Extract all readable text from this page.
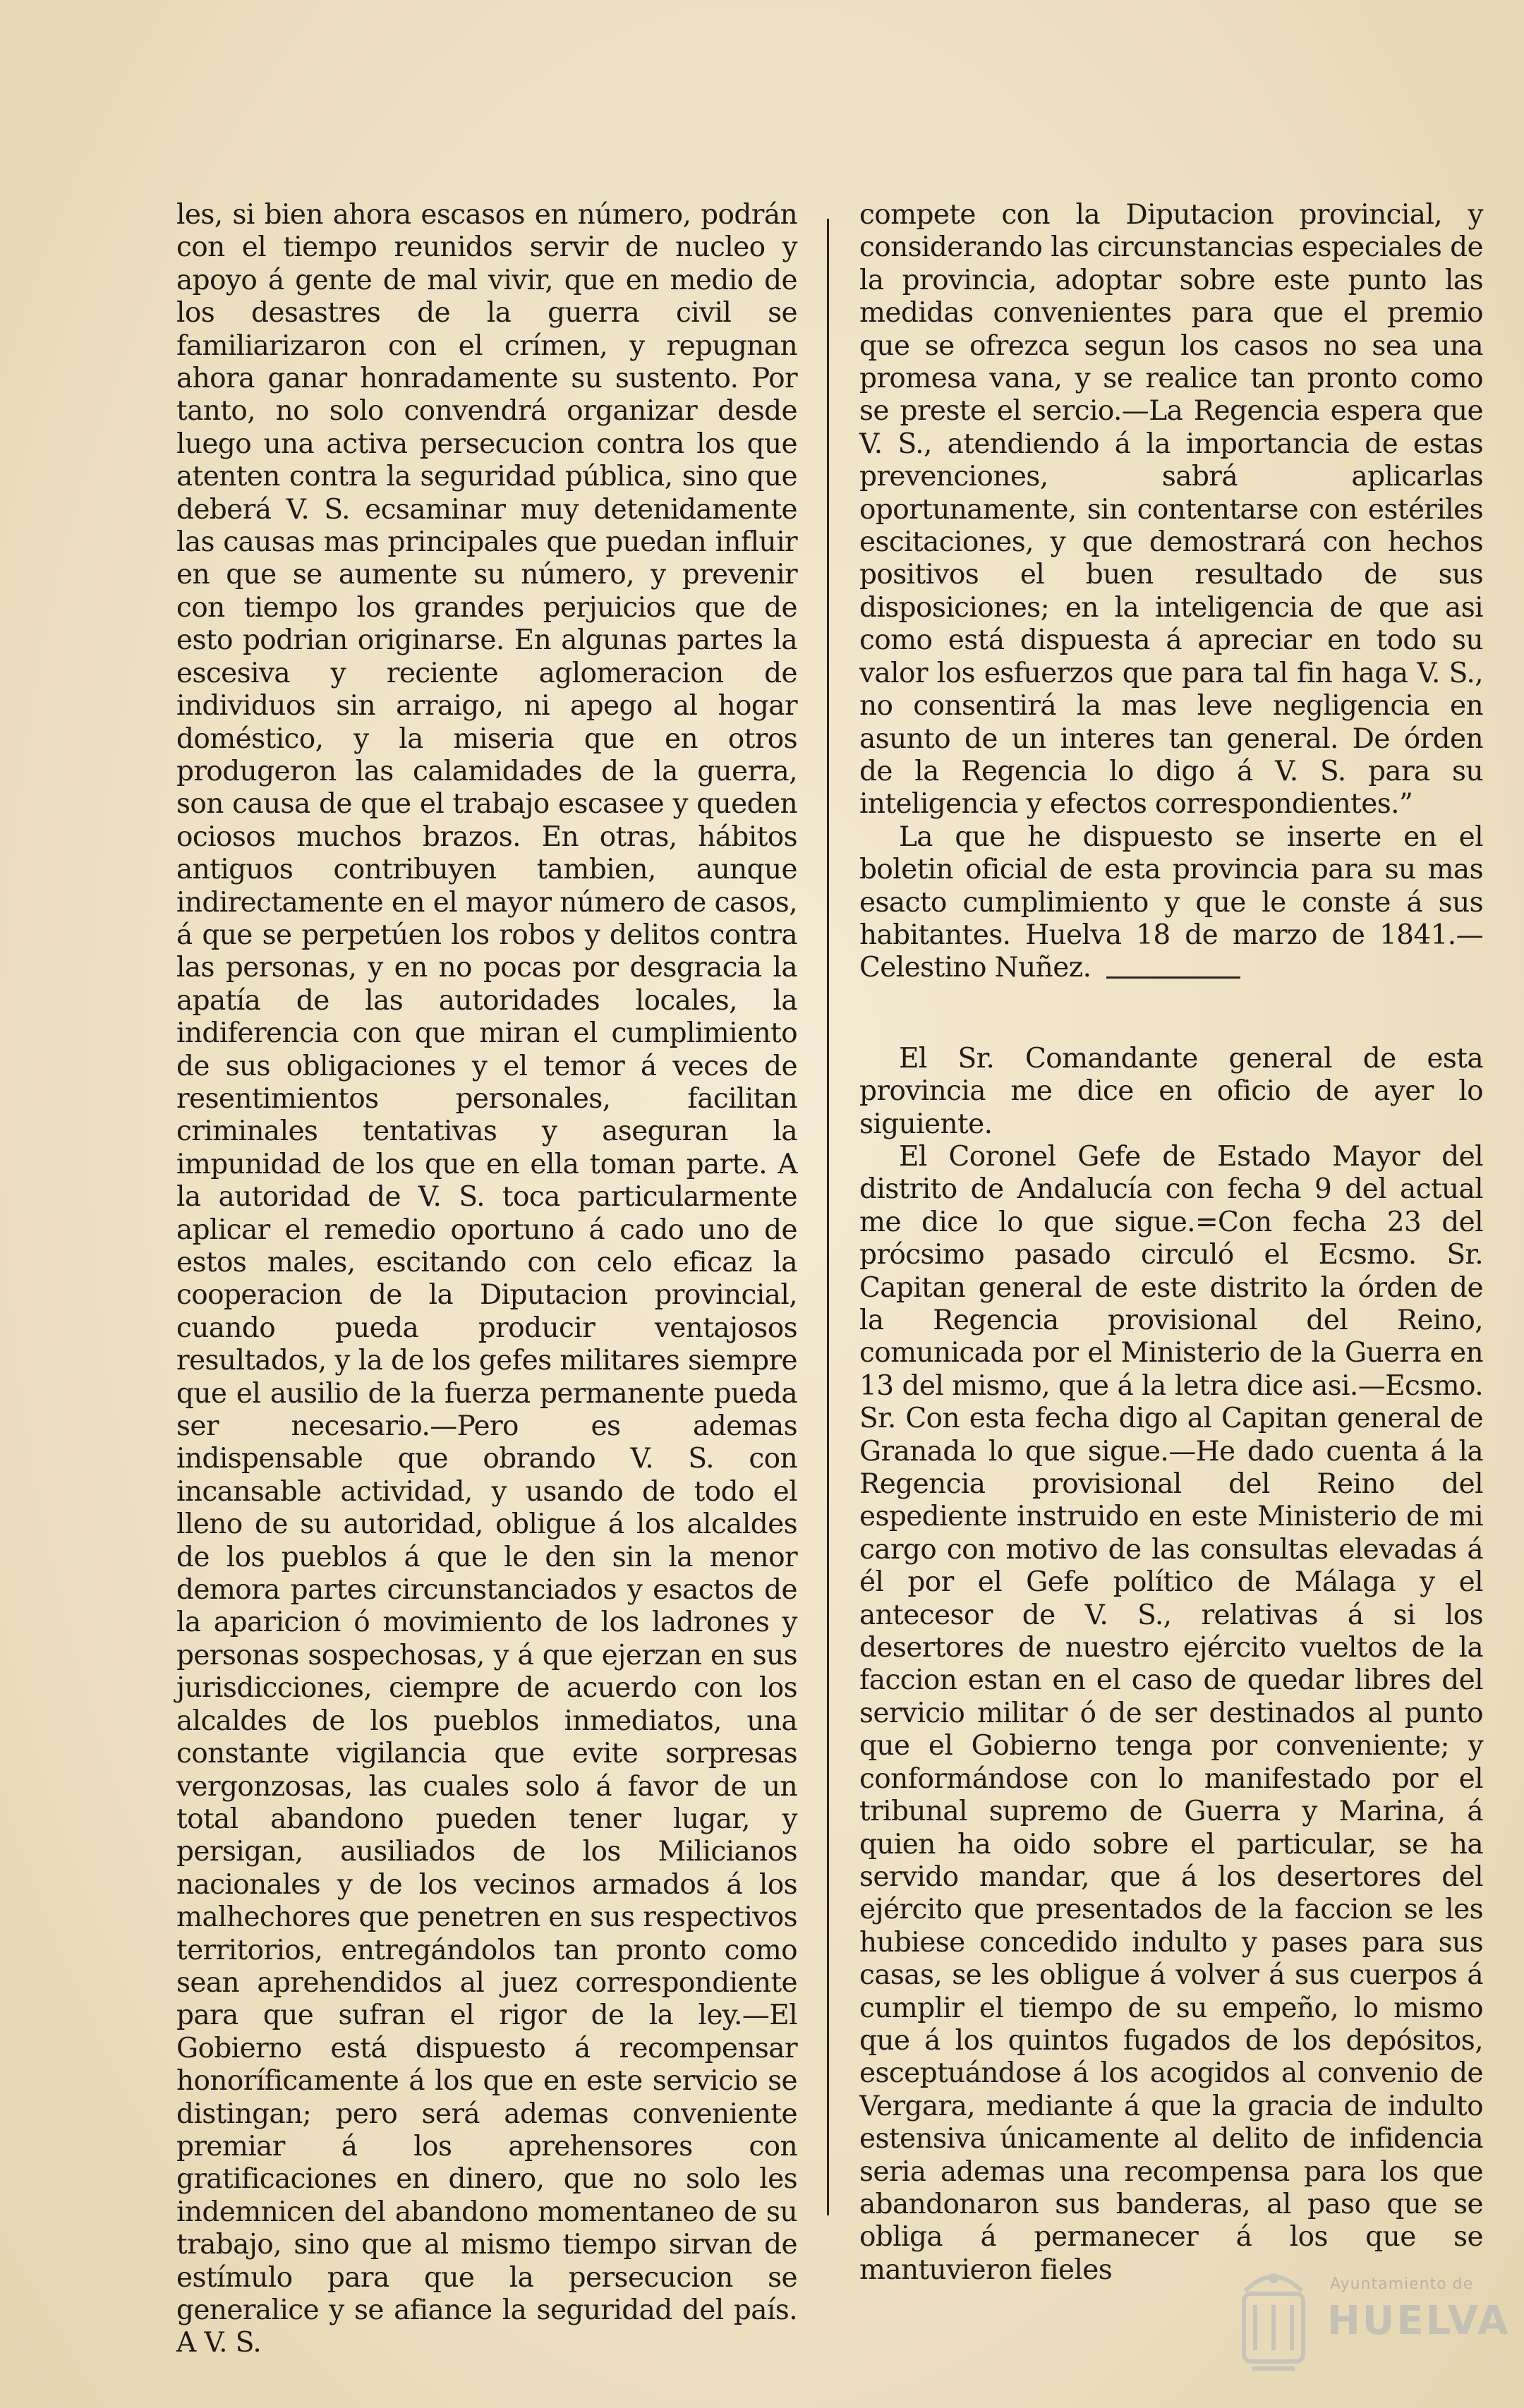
les, si bien ahora escasos en número, podrán con el tiempo reunidos servir de nucleo y apoyo á gente de mal vivir, que en medio de los desastres de la guerra civil se familiarizaron con el crímen, y repugnan ahora ganar honradamente su sustento. Por tanto, no solo convendrá organizar desde luego una activa persecucion contra los que atenten contra la seguridad pública, sino que deberá V. S. ecsaminar muy detenidamente las causas mas principales que puedan influir en que se aumente su número, y prevenir con tiempo los grandes perjuicios que de esto podrian originarse. En algunas partes la escesiva y reciente aglomeracion de individuos sin arraigo, ni apego al hogar doméstico, y la miseria que en otros produgeron las calamidades de la guerra, son causa de que el trabajo escasee y queden ociosos muchos brazos. En otras, hábitos antiguos contribuyen tambien, aunque indirectamente en el mayor número de casos, á que se perpetúen los robos y delitos contra las personas, y en no pocas por desgracia la apatía de las autoridades locales, la indiferencia con que miran el cumplimiento de sus obligaciones y el temor á veces de resentimientos personales, facilitan criminales tentativas y aseguran la impunidad de los que en ella toman parte. A la autoridad de V. S. toca particularmente aplicar el remedio oportuno á cado uno de estos males, escitando con celo eficaz la cooperacion de la Diputacion provincial, cuando pueda producir ventajosos resultados, y la de los gefes militares siempre que el ausilio de la fuerza permanente pueda ser necesario.—Pero es ademas indispensable que obrando V. S. con incansable actividad, y usando de todo el lleno de su autoridad, obligue á los alcaldes de los pueblos á que le den sin la menor demora partes circunstanciados y esactos de la aparicion ó movimiento de los ladrones y personas sospechosas, y á que ejerzan en sus jurisdicciones, ciempre de acuerdo con los alcaldes de los pueblos inmediatos, una constante vigilancia que evite sorpresas vergonzosas, las cuales solo á favor de un total abandono pueden tener lugar, y persigan, ausiliados de los Milicianos nacionales y de los vecinos armados á los malhechores que penetren en sus respectivos territorios, entregándolos tan pronto como sean aprehendidos al juez correspondiente para que sufran el rigor de la ley.—El Gobierno está dispuesto á recompensar honoríficamente á los que en este servicio se distingan; pero será ademas conveniente premiar á los aprehensores con gratificaciones en dinero, que no solo les indemnicen del abandono momentaneo de su trabajo, sino que al mismo tiempo sirvan de estímulo para que la persecucion se generalice y se afiance la seguridad del país. A V. S.

compete con la Diputacion provincial, y considerando las circunstancias especiales de la provincia, adoptar sobre este punto las medidas convenientes para que el premio que se ofrezca segun los casos no sea una promesa vana, y se realice tan pronto como se preste el sercio.—La Regencia espera que V. S., atendiendo á la importancia de estas prevenciones, sabrá aplicarlas oportunamente, sin contentarse con estériles escitaciones, y que demostrará con hechos positivos el buen resultado de sus disposiciones; en la inteligencia de que asi como está dispuesta á apreciar en todo su valor los esfuerzos que para tal fin haga V. S., no consentirá la mas leve negligencia en asunto de un interes tan general. De órden de la Regencia lo digo á V. S. para su inteligencia y efectos correspondientes.”

La que he dispuesto se inserte en el boletin oficial de esta provincia para su mas esacto cumplimiento y que le conste á sus habitantes. Huelva 18 de marzo de 1841.—Celestino Nuñez.

El Sr. Comandante general de esta provincia me dice en oficio de ayer lo siguiente.

El Coronel Gefe de Estado Mayor del distrito de Andalucía con fecha 9 del actual me dice lo que sigue.=Con fecha 23 del prócsimo pasado circuló el Ecsmo. Sr. Capitan general de este distrito la órden de la Regencia provisional del Reino, comunicada por el Ministerio de la Guerra en 13 del mismo, que á la letra dice asi.—Ecsmo. Sr. Con esta fecha digo al Capitan general de Granada lo que sigue.—He dado cuenta á la Regencia provisional del Reino del espediente instruido en este Ministerio de mi cargo con motivo de las consultas elevadas á él por el Gefe político de Málaga y el antecesor de V. S., relativas á si los desertores de nuestro ejército vueltos de la faccion estan en el caso de quedar libres del servicio militar ó de ser destinados al punto que el Gobierno tenga por conveniente; y conformándose con lo manifestado por el tribunal supremo de Guerra y Marina, á quien ha oido sobre el particular, se ha servido mandar, que á los desertores del ejército que presentados de la faccion se les hubiese concedido indulto y pases para sus casas, se les obligue á volver á sus cuerpos á cumplir el tiempo de su empeño, lo mismo que á los quintos fugados de los depósitos, esceptuándose á los acogidos al convenio de Vergara, mediante á que la gracia de indulto estensiva únicamente al delito de infidencia seria ademas una recompensa para los que abandonaron sus banderas, al paso que se obliga á permanecer á los que se mantuvieron fieles	Ayuntamiento de
HUELVA
